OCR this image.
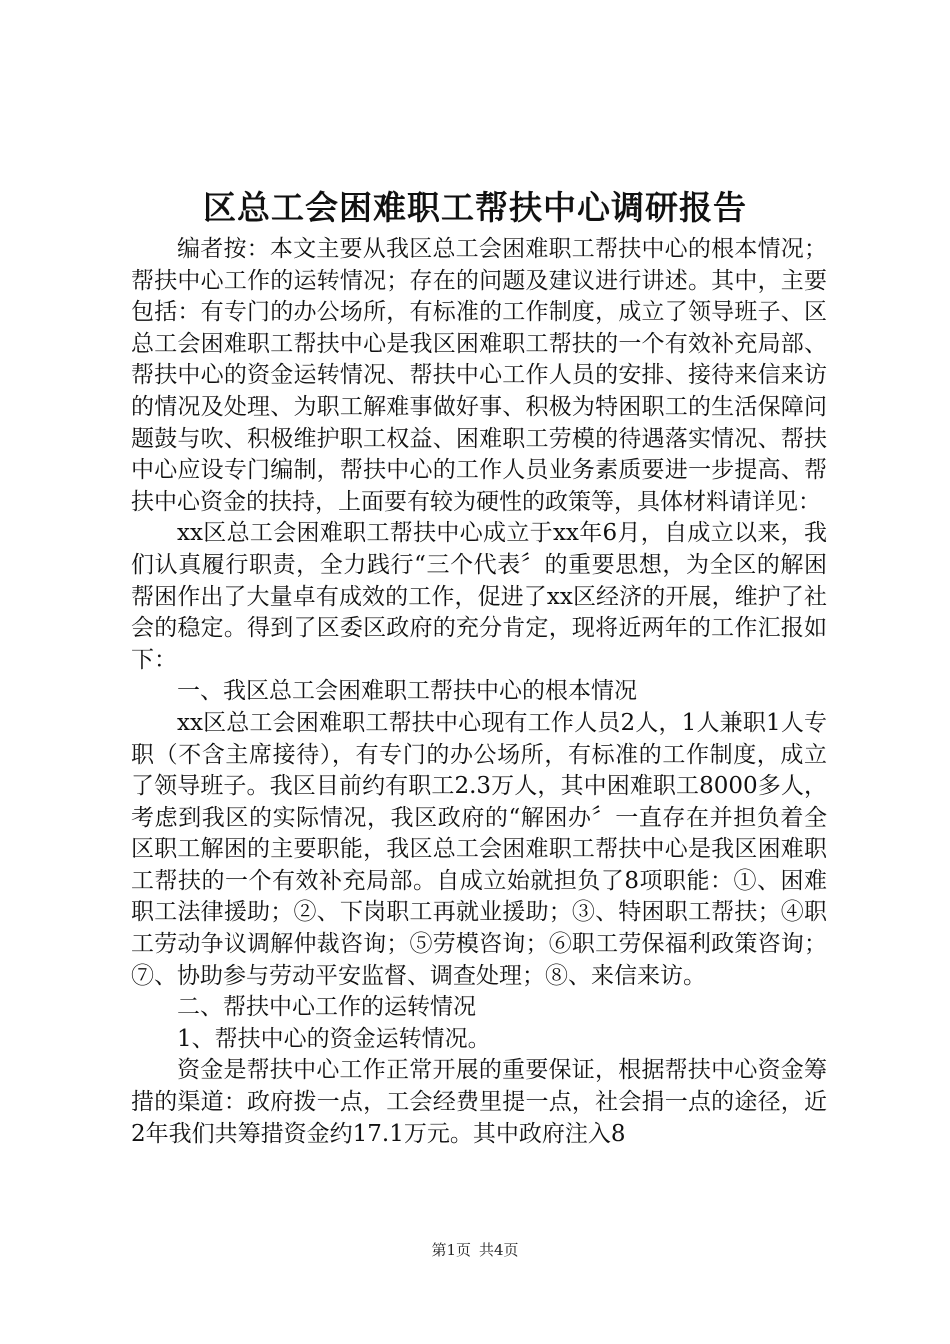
区总工会困难职工帮扶中心调研报告

编者按：本文主要从我区总工会困难职工帮扶中心的根本情况；帮扶中心工作的运转情况；存在的问题及建议进行讲述。其中，主要包括：有专门的办公场所，有标准的工作制度，成立了领导班子、区总工会困难职工帮扶中心是我区困难职工帮扶的一个有效补充局部、帮扶中心的资金运转情况、帮扶中心工作人员的安排、接待来信来访的情况及处理、为职工解难事做好事、积极为特困职工的生活保障问题鼓与吹、积极维护职工权益、困难职工劳模的待遇落实情况、帮扶中心应设专门编制，帮扶中心的工作人员业务素质要进一步提高、帮扶中心资金的扶持，上面要有较为硬性的政策等，具体材料请详见：

xx区总工会困难职工帮扶中心成立于xx年6月，自成立以来，我们认真履行职责，全力践行“三个代表〞的重要思想，为全区的解困帮困作出了大量卓有成效的工作，促进了xx区经济的开展，维护了社会的稳定。得到了区委区政府的充分肯定，现将近两年的工作汇报如下：

一、我区总工会困难职工帮扶中心的根本情况

xx区总工会困难职工帮扶中心现有工作人员2人，1人兼职1人专职（不含主席接待），有专门的办公场所，有标准的工作制度，成立了领导班子。我区目前约有职工2.3万人，其中困难职工8000多人，考虑到我区的实际情况，我区政府的“解困办〞一直存在并担负着全区职工解困的主要职能，我区总工会困难职工帮扶中心是我区困难职工帮扶的一个有效补充局部。自成立始就担负了8项职能：①、困难职工法律援助；②、下岗职工再就业援助；③、特困职工帮扶；④职工劳动争议调解仲裁咨询；⑤劳模咨询；⑥职工劳保福利政策咨询；⑦、协助参与劳动平安监督、调查处理；⑧、来信来访。

二、帮扶中心工作的运转情况

1、帮扶中心的资金运转情况。

资金是帮扶中心工作正常开展的重要保证，根据帮扶中心资金筹措的渠道：政府拨一点，工会经费里提一点，社会捐一点的途径，近2年我们共筹措资金约17.1万元。其中政府注入8

第1页 共4页
